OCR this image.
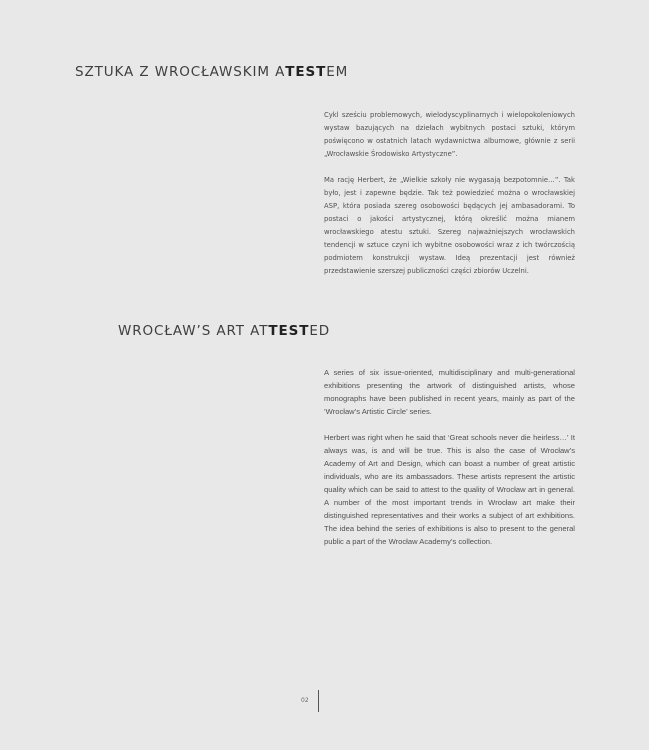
SZTUKA Z WROCŁAWSKIM ATESTEM

Cykl sześciu problemowych, wielodyscyplinarnych i wielopokoleniowych wystaw bazujących na dziełach wybitnych postaci sztuki, którym poświęcono w ostatnich latach wydawnictwa albumowe, głównie z serii „Wrocławskie Środowisko Artystyczne”.

Ma rację Herbert, że „Wielkie szkoły nie wygasają bezpotomnie…”. Tak było, jest i zapewne będzie. Tak też powiedzieć można o wrocławskiej ASP, która posiada szereg osobowości będących jej ambasadorami. To postaci o jakości artystycznej, którą określić można mianem wrocławskiego atestu sztuki. Szereg najważniejszych wrocławskich tendencji w sztuce czyni ich wybitne osobowości wraz z ich twórczością podmiotem konstrukcji wystaw. Ideą prezentacji jest również przedstawienie szerszej publiczności części zbiorów Uczelni.

WROCŁAW’S ART ATTESTED

A series of six issue-oriented, multidisciplinary and multi-generational exhibitions presenting the artwork of distinguished artists, whose monographs have been published in recent years, mainly as part of the ‘Wrocław’s Artistic Circle’ series.

Herbert was right when he said that ‘Great schools never die heirless…’ It always was, is and will be true. This is also the case of Wrocław’s Academy of Art and Design, which can boast a number of great artistic individuals, who are its ambassadors. These artists represent the artistic quality which can be said to attest to the quality of Wrocław art in general. A number of the most important trends in Wrocław art make their distinguished representatives and their works a subject of art exhibitions. The idea behind the series of exhibitions is also to present to the general public a part of the Wrocław Academy’s collection.

02
